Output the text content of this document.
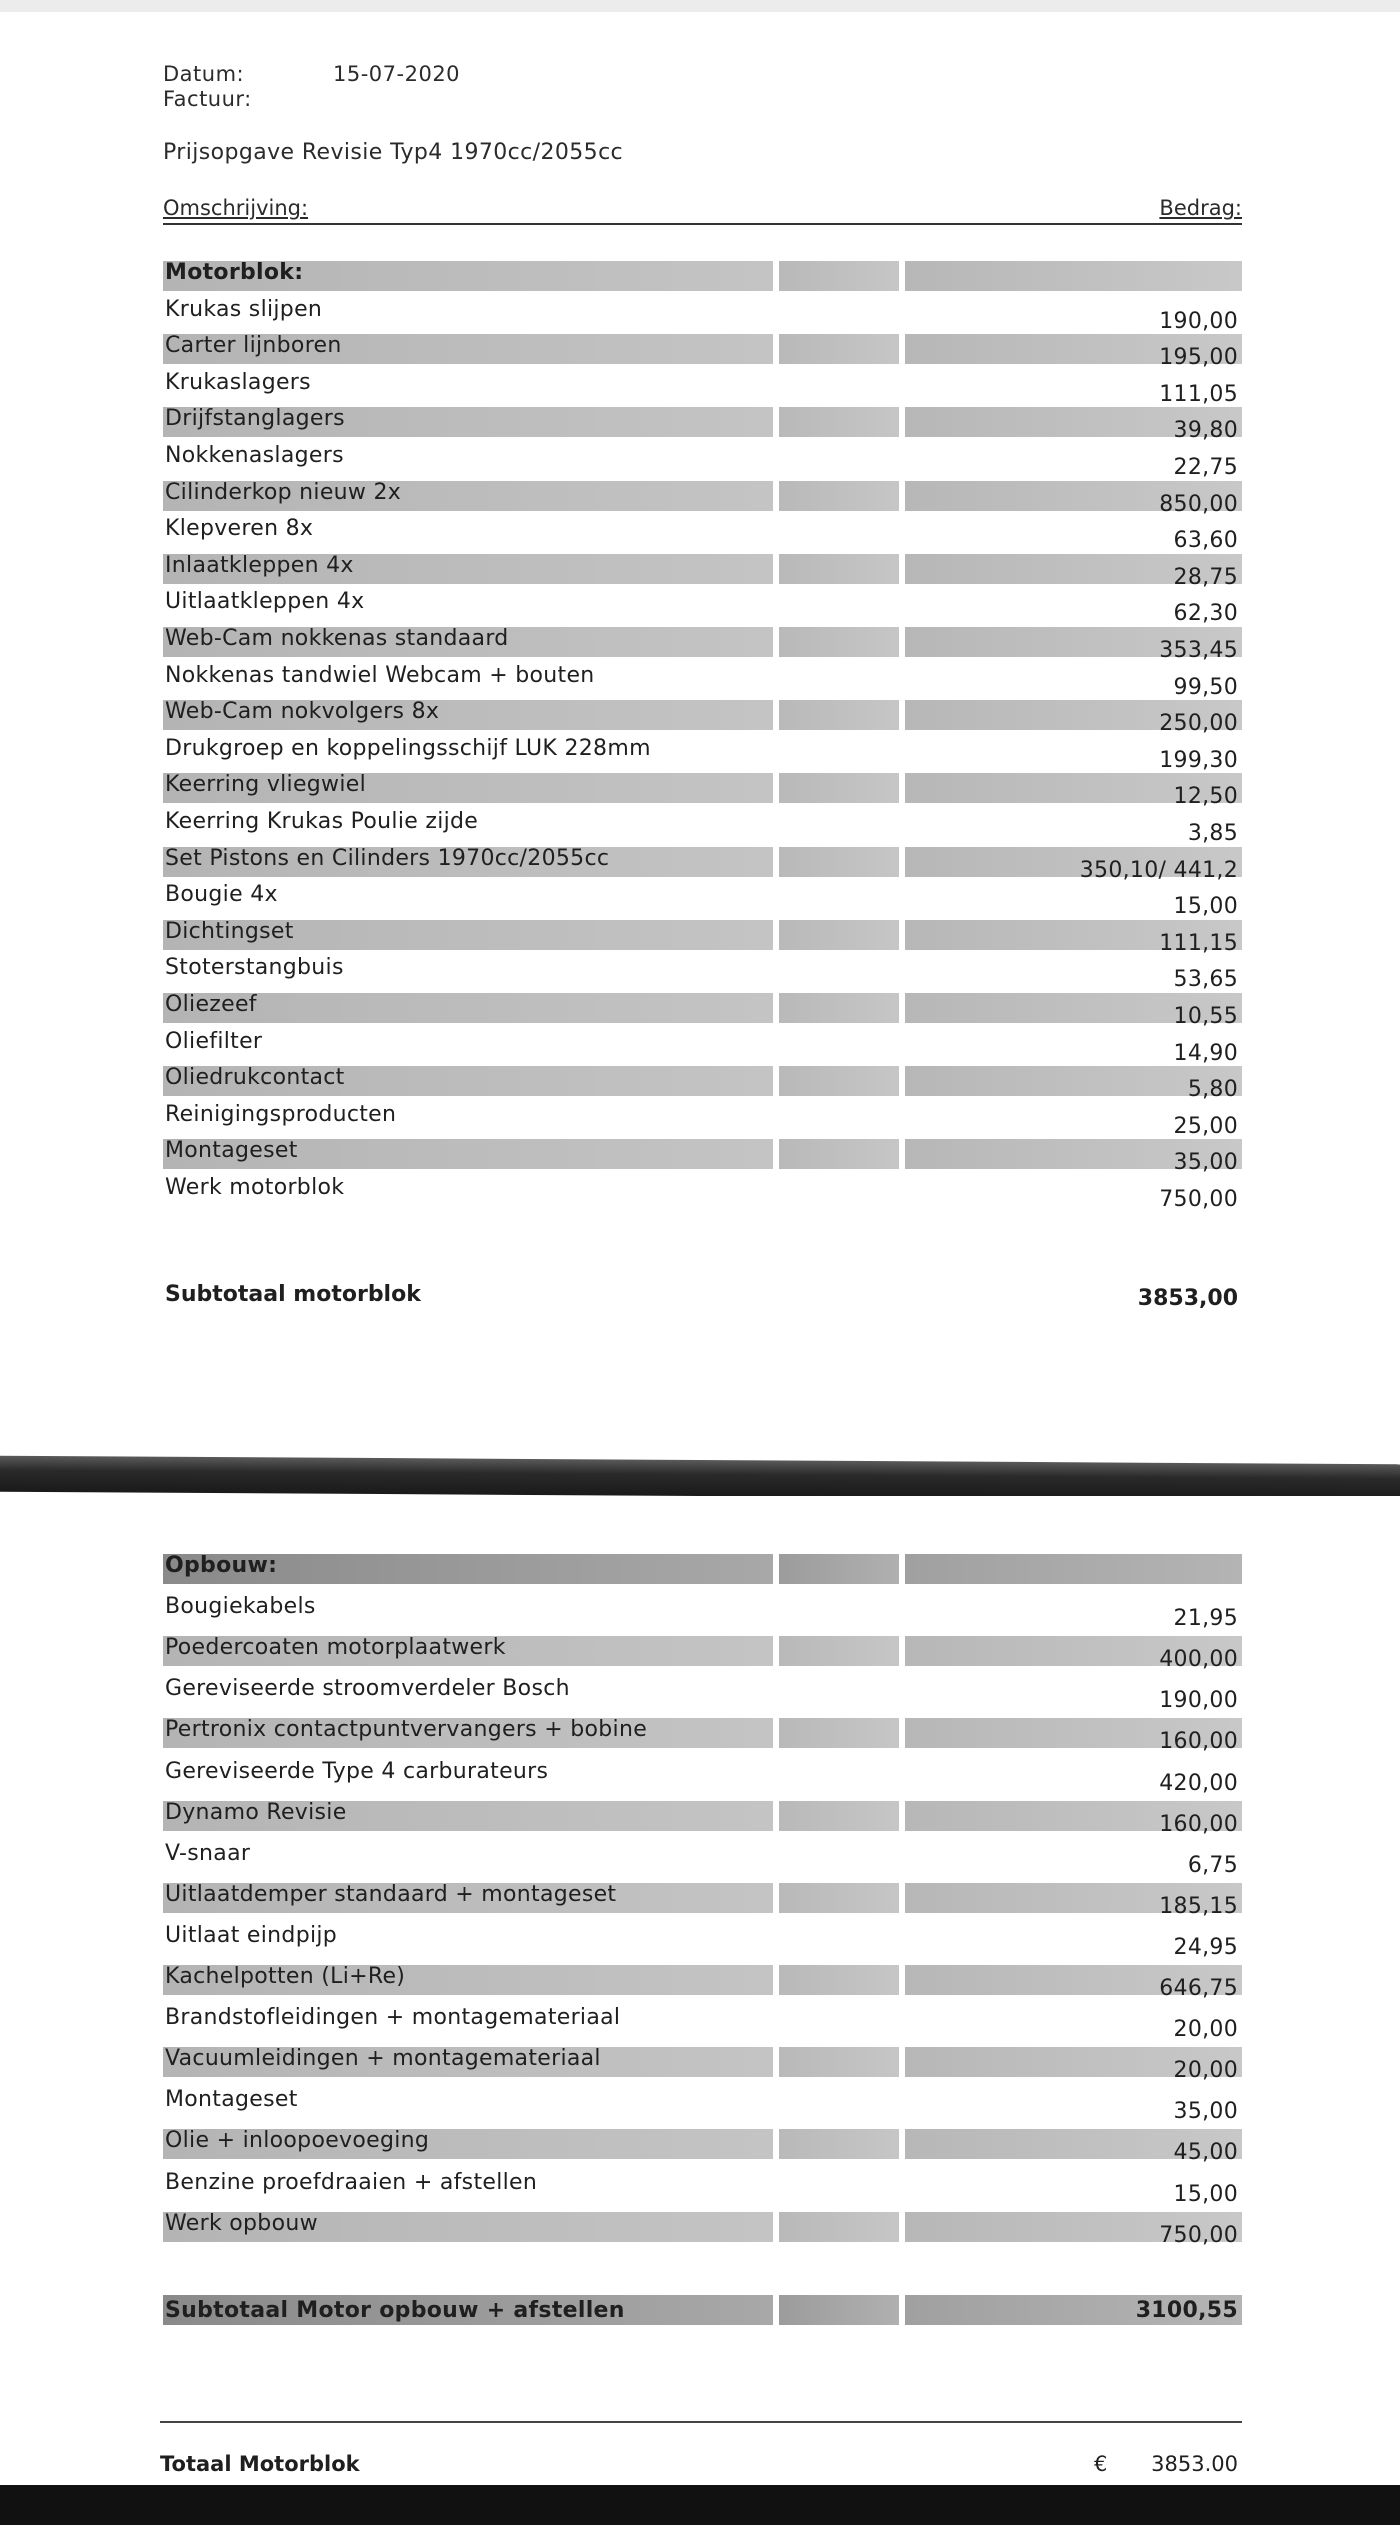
Datum:	15-07-2020
Factuur:
Prijsopgave Revisie Typ4 1970cc/2055cc
Omschrijving:	Bedrag:
Motorblok:
Krukas slijpen	190,00
Carter lijnboren	195,00
Krukaslagers	111,05
Drijfstanglagers	39,80
Nokkenaslagers	22,75
Cilinderkop nieuw 2x	850,00
Klepveren 8x	63,60
Inlaatkleppen 4x	28,75
Uitlaatkleppen 4x	62,30
Web-Cam nokkenas standaard	353,45
Nokkenas tandwiel Webcam + bouten	99,50
Web-Cam nokvolgers 8x	250,00
Drukgroep en koppelingsschijf LUK 228mm	199,30
Keerring vliegwiel	12,50
Keerring Krukas Poulie zijde	3,85
Set Pistons en Cilinders 1970cc/2055cc	350,10/ 441,2
Bougie 4x	15,00
Dichtingset	111,15
Stoterstangbuis	53,65
Oliezeef	10,55
Oliefilter	14,90
Oliedrukcontact	5,80
Reinigingsproducten	25,00
Montageset	35,00
Werk motorblok	750,00
Subtotaal motorblok	3853,00
Opbouw:
Bougiekabels	21,95
Poedercoaten motorplaatwerk	400,00
Gereviseerde stroomverdeler Bosch	190,00
Pertronix contactpuntvervangers + bobine	160,00
Gereviseerde Type 4 carburateurs	420,00
Dynamo Revisie	160,00
V-snaar	6,75
Uitlaatdemper standaard + montageset	185,15
Uitlaat eindpijp	24,95
Kachelpotten (Li+Re)	646,75
Brandstofleidingen + montagemateriaal	20,00
Vacuumleidingen + montagemateriaal	20,00
Montageset	35,00
Olie + inloopoevoeging	45,00
Benzine proefdraaien + afstellen	15,00
Werk opbouw	750,00
Subtotaal Motor opbouw + afstellen	3100,55
Totaal Motorblok	€ 3853.00
